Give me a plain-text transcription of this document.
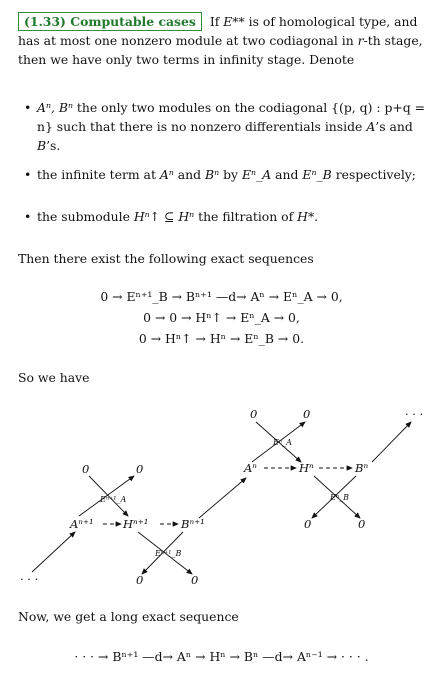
(1.33) Computable cases If E** is of homological type, and has at most one nonzero module at two codiagonal in r-th stage, then we have only two terms in infinity stage. Denote
• Aⁿ, Bⁿ the only two modules on the codiagonal {(p, q) : p+q = n} such that there is no nonzero differentials inside A’s and B’s.
• the infinite term at Aⁿ and Bⁿ by Eⁿ_A and Eⁿ_B respectively;
• the submodule Hⁿ↑ ⊆ Hⁿ the filtration of H*.
Then there exist the following exact sequences
0 → Eⁿ⁺¹_B → Bⁿ⁺¹ —d→ Aⁿ → Eⁿ_A → 0,
0 → 0 → Hⁿ↑ → Eⁿ_A → 0,
0 → Hⁿ↑ → Hⁿ → Eⁿ_B → 0.
So we have
0	0	· · ·
Eⁿ_A
Aⁿ	Hⁿ	Bⁿ
0	0
Eⁿ_B
Eⁿ⁺¹_A
0	0
Aⁿ⁺¹	Hⁿ⁺¹	Bⁿ⁺¹
Eⁿ⁺¹_B
· · ·	0	0
Now, we get a long exact sequence
· · · → Bⁿ⁺¹ —d→ Aⁿ → Hⁿ → Bⁿ —d→ Aⁿ⁻¹ → · · · .
